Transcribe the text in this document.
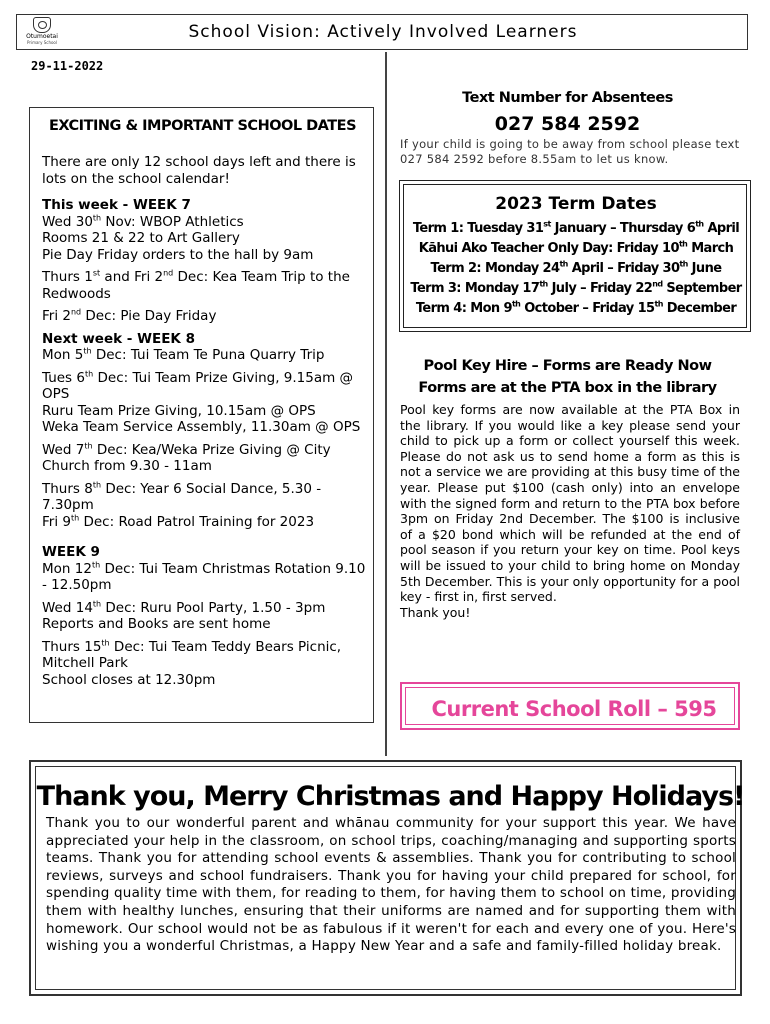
Otumoetai
Primary School
School Vision: Actively Involved Learners
29-11-2022
EXCITING & IMPORTANT SCHOOL DATES

There are only 12 school days left and there is lots on the school calendar!

This week - WEEK 7
Wed 30th Nov: WBOP Athletics
Rooms 21 & 22 to Art Gallery

Pie Day Friday orders to the hall by 9am

Thurs 1st and Fri 2nd Dec: Kea Team Trip to the Redwoods

Fri 2nd Dec: Pie Day Friday

Next week - WEEK 8

Mon 5th Dec: Tui Team Te Puna Quarry Trip

Tues 6th Dec: Tui Team Prize Giving, 9.15am @ OPS
Ruru Team Prize Giving, 10.15am @ OPS

Weka Team Service Assembly, 11.30am @ OPS

Wed 7th Dec: Kea/Weka Prize Giving @ City Church from 9.30 - 11am

Thurs 8th Dec: Year 6 Social Dance, 5.30 - 7.30pm

Fri 9th Dec: Road Patrol Training for 2023

WEEK 9

Mon 12th Dec: Tui Team Christmas Rotation 9.10 - 12.50pm

Wed 14th Dec: Ruru Pool Party, 1.50 - 3pm

Reports and Books are sent home

Thurs 15th Dec: Tui Team Teddy Bears Picnic, Mitchell Park
School closes at 12.30pm
Text Number for Absentees
027 584 2592
If your child is going to be away from school please text 027 584 2592 before 8.55am to let us know.
2023 Term Dates
Term 1: Tuesday 31st January – Thursday 6th April
Kāhui Ako Teacher Only Day: Friday 10th March
Term 2: Monday 24th April – Friday 30th June
Term 3: Monday 17th July – Friday 22nd September
Term 4: Mon 9th October – Friday 15th December
Pool Key Hire – Forms are Ready Now
Forms are at the PTA box in the library
Pool key forms are now available at the PTA Box in the library. If you would like a key please send your child to pick up a form or collect yourself this week. Please do not ask us to send home a form as this is not a service we are providing at this busy time of the year. Please put $100 (cash only) into an envelope with the signed form and return to the PTA box before 3pm on Friday 2nd December. The $100 is inclusive of a $20 bond which will be refunded at the end of pool season if you return your key on time. Pool keys will be issued to your child to bring home on Monday 5th December. This is your only opportunity for a pool key - first in, first served.
Thank you!
Current School Roll – 595
Thank you, Merry Christmas and Happy Holidays!
Thank you to our wonderful parent and whānau community for your support this year. We have appreciated your help in the classroom, on school trips, coaching/managing and supporting sports teams. Thank you for attending school events & assemblies. Thank you for contributing to school reviews, surveys and school fundraisers. Thank you for having your child prepared for school, for spending quality time with them, for reading to them, for having them to school on time, providing them with healthy lunches, ensuring that their uniforms are named and for supporting them with homework. Our school would not be as fabulous if it weren't for each and every one of you. Here's wishing you a wonderful Christmas, a Happy New Year and a safe and family-filled holiday break.
